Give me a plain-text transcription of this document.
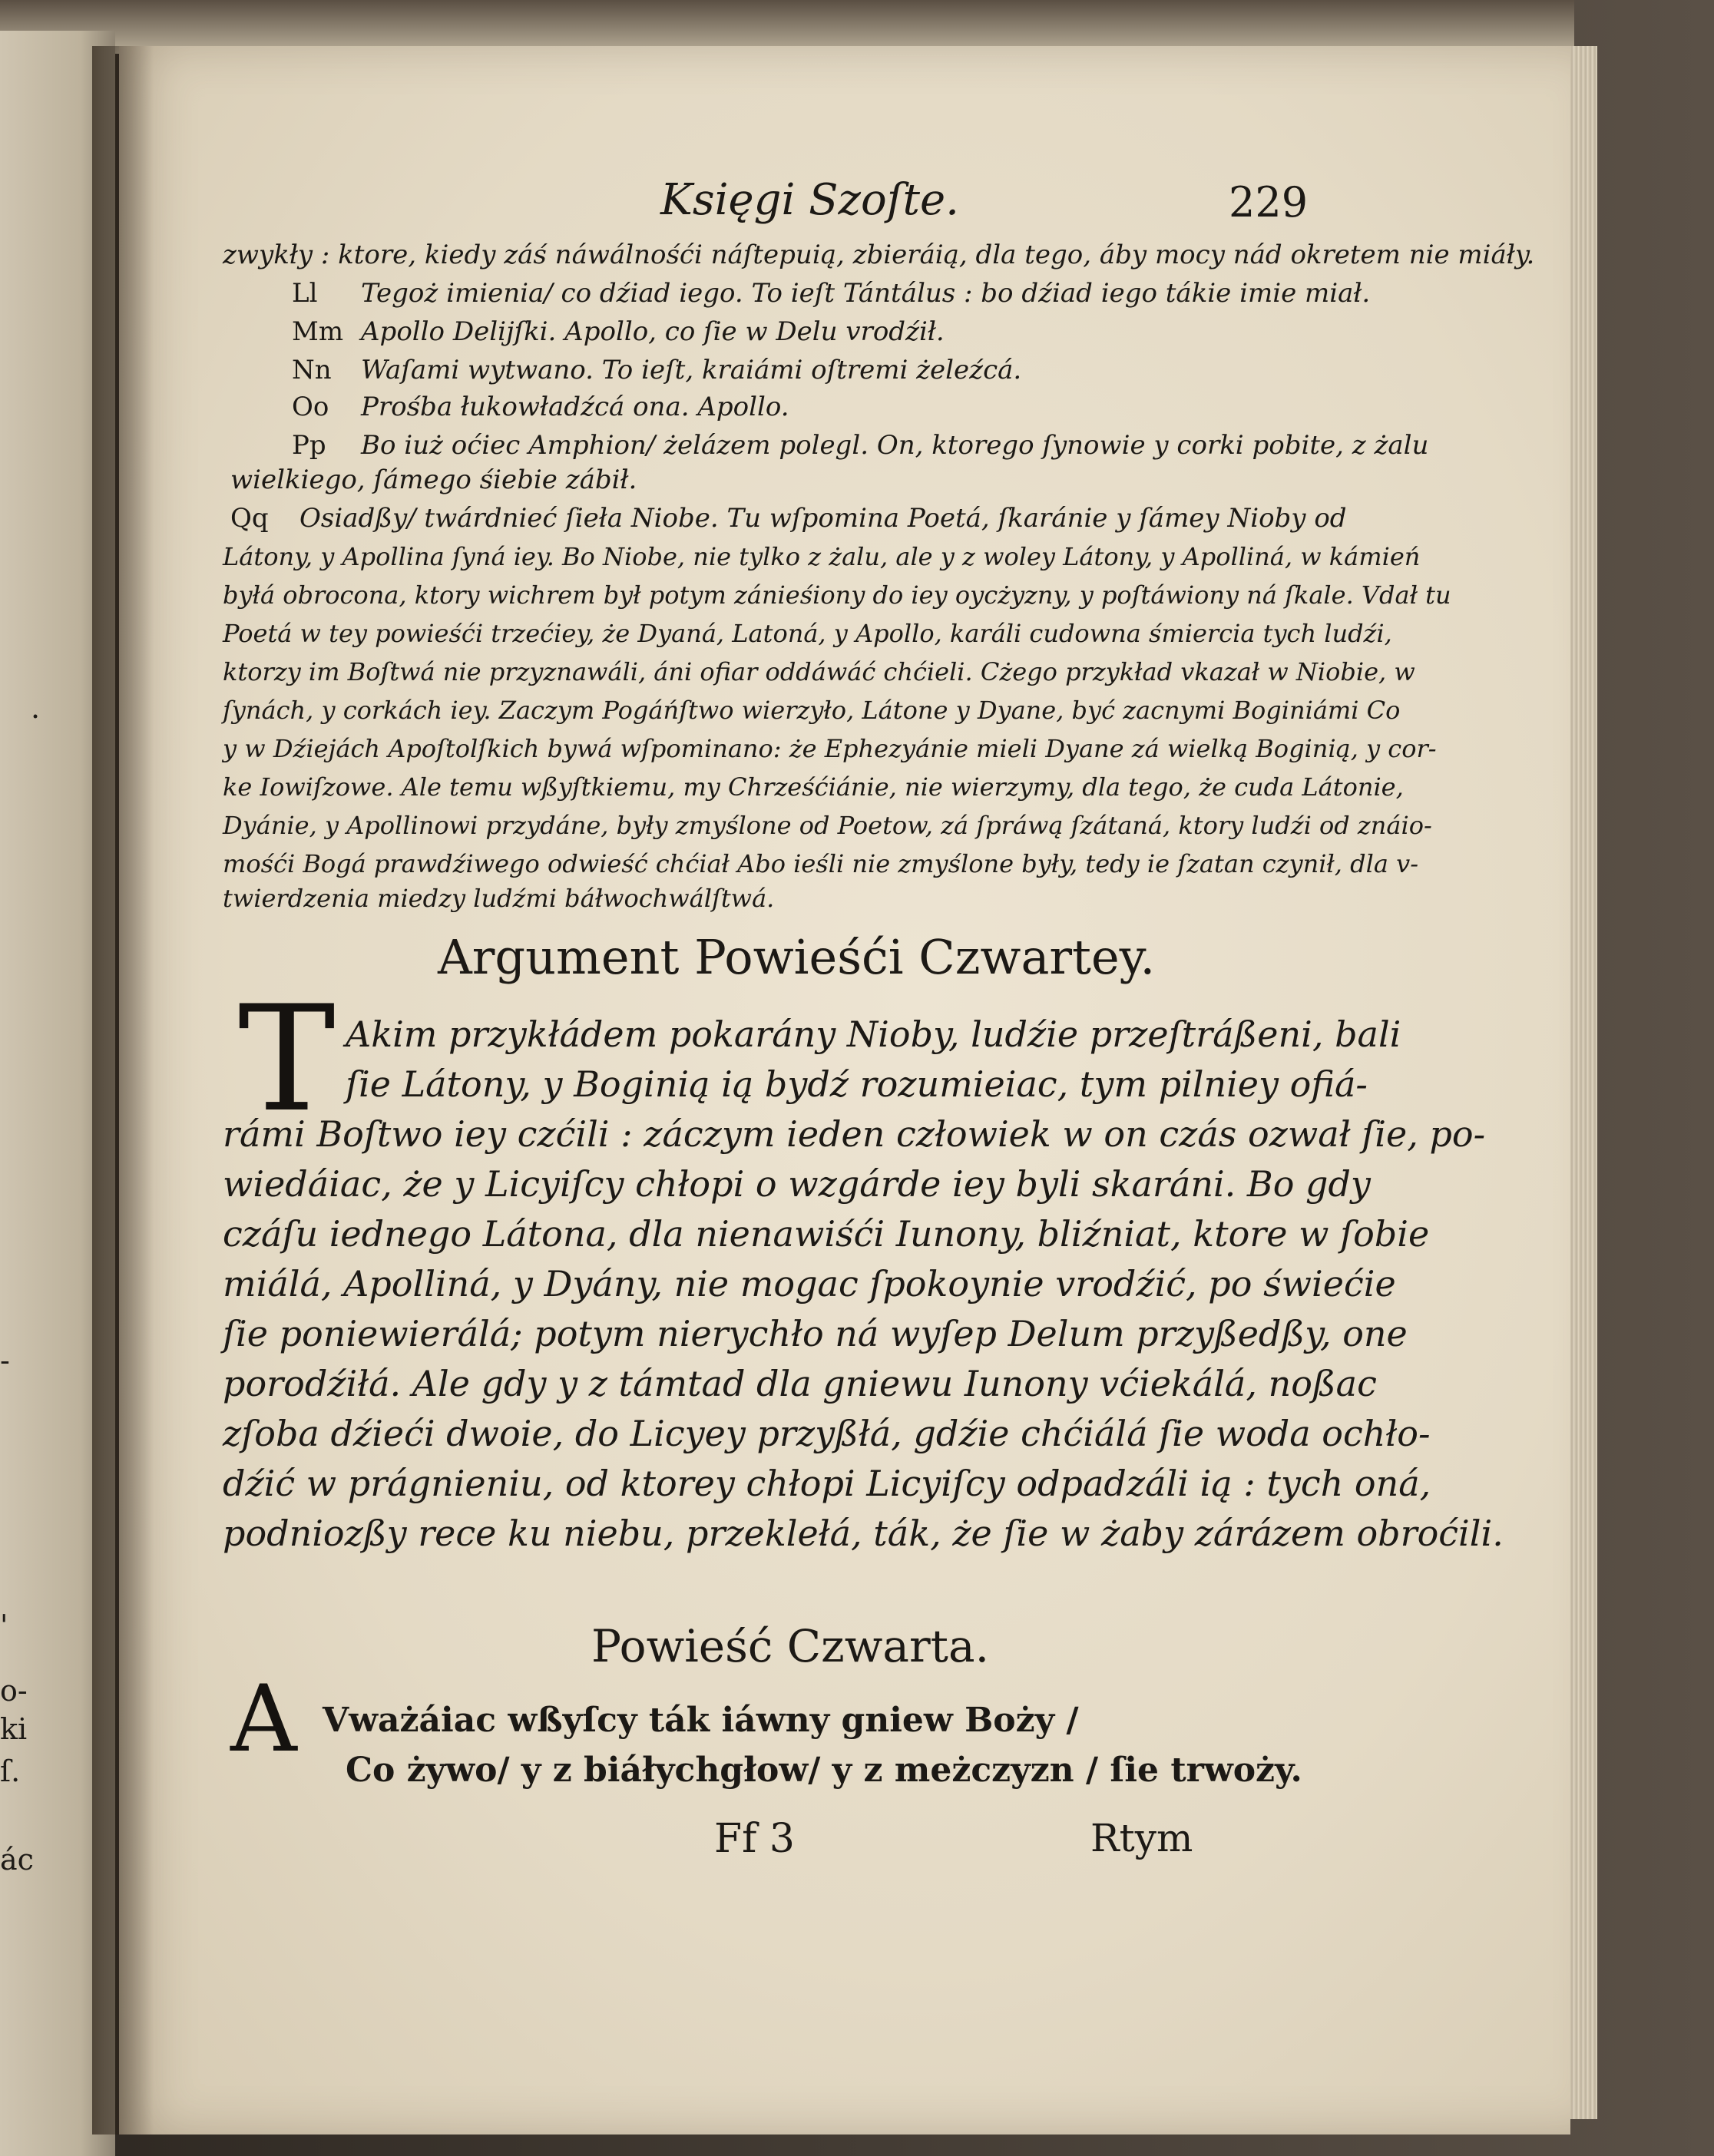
.
-
'
o-
ki
ſ.
ác
Księgi Szoſte.	229
zwykły : ktore, kiedy záś náwálnośći náſtepuią, zbieráią, dla tego, áby mocy nád okretem nie miáły.
Ll Tegoż imienia/ co dźiad iego. To ieſt Tántálus : bo dźiad iego tákie imie miał.
Mm Apollo Delijſki. Apollo, co ſie w Delu vrodźił.
Nn Waſami wytwano. To ieſt, kraiámi oſtremi żeleźcá.
Oo Prośba łukowładźcá ona. Apollo.
Pp Bo iuż oćiec Amphion/ żelázem polegl. On, ktorego ſynowie y corki pobite, z żalu
wielkiego, ſámego śiebie zábił.
Qq Osiadßy/ twárdnieć ſieła Niobe. Tu wſpomina Poetá, ſkaránie y ſámey Nioby od
Látony, y Apollina ſyná iey. Bo Niobe, nie tylko z żalu, ale y z woley Látony, y Apolliná, w kámień
byłá obrocona, ktory wichrem był potym zánieśiony do iey oycżyzny, y poſtáwiony ná ſkale. Vdał tu
Poetá w tey powieśći trzećiey, że Dyaná, Latoná, y Apollo, karáli cudowna śmiercia tych ludźi,
ktorzy im Boſtwá nie przyznawáli, áni ofiar oddáwáć chćieli. Cżego przykład vkazał w Niobie, w
ſynách, y corkách iey. Zaczym Pogáńſtwo wierzyło, Látone y Dyane, być zacnymi Boginiámi Co
y w Dźiejách Apoſtolſkich bywá wſpominano: że Ephezyánie mieli Dyane zá wielką Boginią, y cor-
ke Iowiſzowe. Ale temu wßyſtkiemu, my Chrześćiánie, nie wierzymy, dla tego, że cuda Látonie,
Dyánie, y Apollinowi przydáne, były zmyślone od Poetow, zá ſpráwą ſzátaná, ktory ludźi od znáio-
mośći Bogá prawdźiwego odwieść chćiał Abo ieśli nie zmyślone były, tedy ie ſzatan czynił, dla v-
twierdzenia miedzy ludźmi báłwochwálſtwá.
Argument Powieśći Czwartey.
T Akim przykłádem pokarány Nioby, ludźie przeſtráßeni, bali
ſie Látony, y Boginią ią bydź rozumieiac, tym pilniey ofiá-
rámi Boſtwo iey czćili : záczym ieden człowiek w on czás ozwał ſie, po-
wiedáiac, że y Licyiſcy chłopi o wzgárde iey byli skaráni. Bo gdy
czáſu iednego Látona, dla nienawiśći Iunony, bliźniat, ktore w ſobie
miálá, Apolliná, y Dyány, nie mogac ſpokoynie vrodźić, po świećie
ſie poniewierálá; potym nierychło ná wyſep Delum przyßedßy, one
porodźiłá. Ale gdy y z támtad dla gniewu Iunony vćiekálá, noßac
zſoba dźieći dwoie, do Licyey przyßłá, gdźie chćiálá ſie woda ochło-
dźić w prágnieniu, od ktorey chłopi Licyiſcy odpadzáli ią : tych oná,
podniozßy rece ku niebu, przeklełá, ták, że ſie w żaby zárázem obroćili.
Powieść Czwarta.
A Vważáiac wßyſcy ták iáwny gniew Boży /
Co żywo/ y z biáłychgłow/ y z meżczyzn / ſie trwoży.
Ff 3	Rtym
